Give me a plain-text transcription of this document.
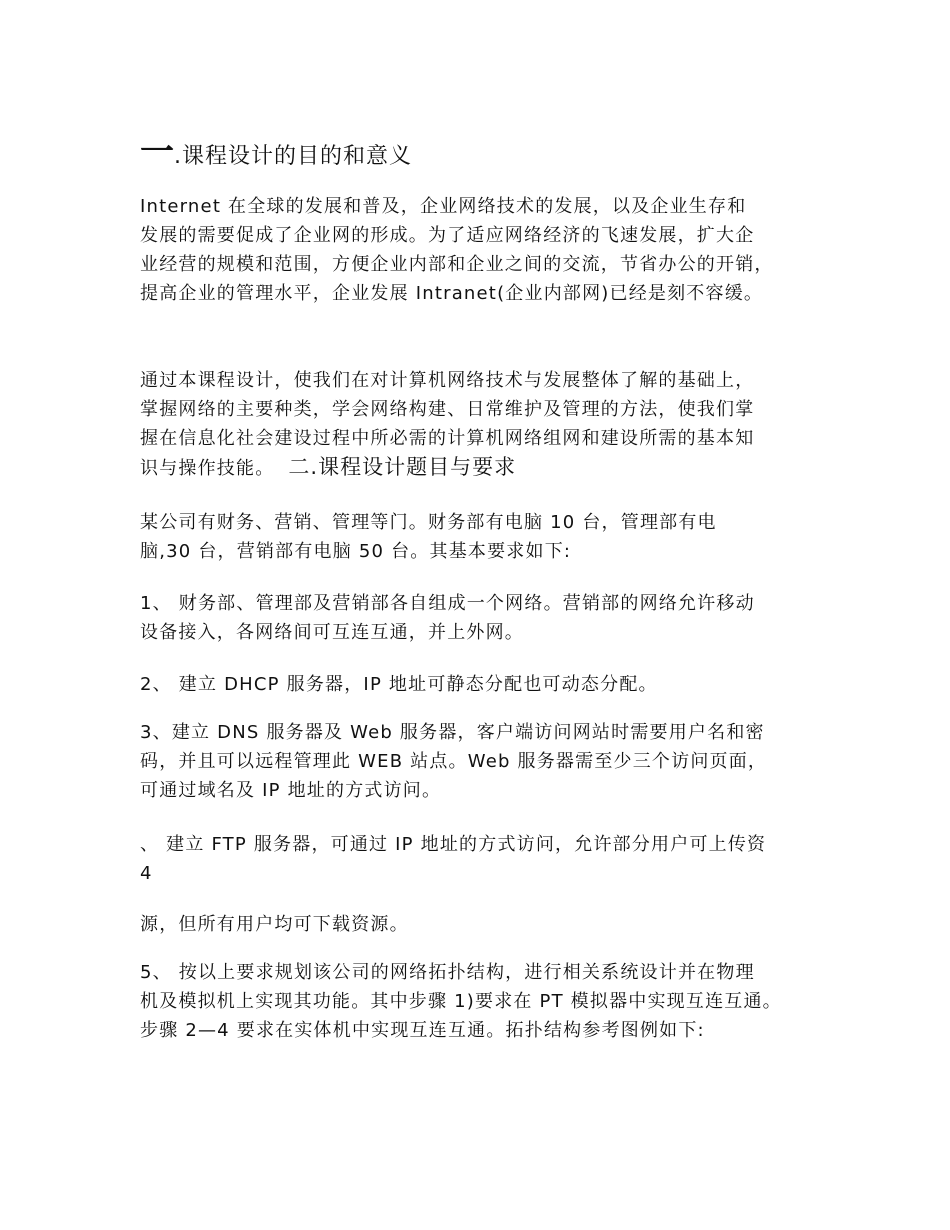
一.课程设计的目的和意义

Internet 在全球的发展和普及，企业网络技术的发展，以及企业生存和

发展的需要促成了企业网的形成。为了适应网络经济的飞速发展，扩大企

业经营的规模和范围，方便企业内部和企业之间的交流，节省办公的开销，

提高企业的管理水平，企业发展 Intranet(企业内部网)已经是刻不容缓。

通过本课程设计，使我们在对计算机网络技术与发展整体了解的基础上，

掌握网络的主要种类，学会网络构建、日常维护及管理的方法，使我们掌

握在信息化社会建设过程中所必需的计算机网络组网和建设所需的基本知

识与操作技能。 二.课程设计题目与要求

某公司有财务、营销、管理等门。财务部有电脑 10 台，管理部有电

脑,30 台，营销部有电脑 50 台。其基本要求如下:

1、 财务部、管理部及营销部各自组成一个网络。营销部的网络允许移动

设备接入，各网络间可互连互通，并上外网。

2、 建立 DHCP 服务器，IP 地址可静态分配也可动态分配。

3、建立 DNS 服务器及 Web 服务器，客户端访问网站时需要用户名和密

码，并且可以远程管理此 WEB 站点。Web 服务器需至少三个访问页面，

可通过域名及 IP 地址的方式访问。

、 建立 FTP 服务器，可通过 IP 地址的方式访问，允许部分用户可上传资

4

源，但所有用户均可下载资源。

5、 按以上要求规划该公司的网络拓扑结构，进行相关系统设计并在物理

机及模拟机上实现其功能。其中步骤 1)要求在 PT 模拟器中实现互连互通。

步骤 2—4 要求在实体机中实现互连互通。拓扑结构参考图例如下:
